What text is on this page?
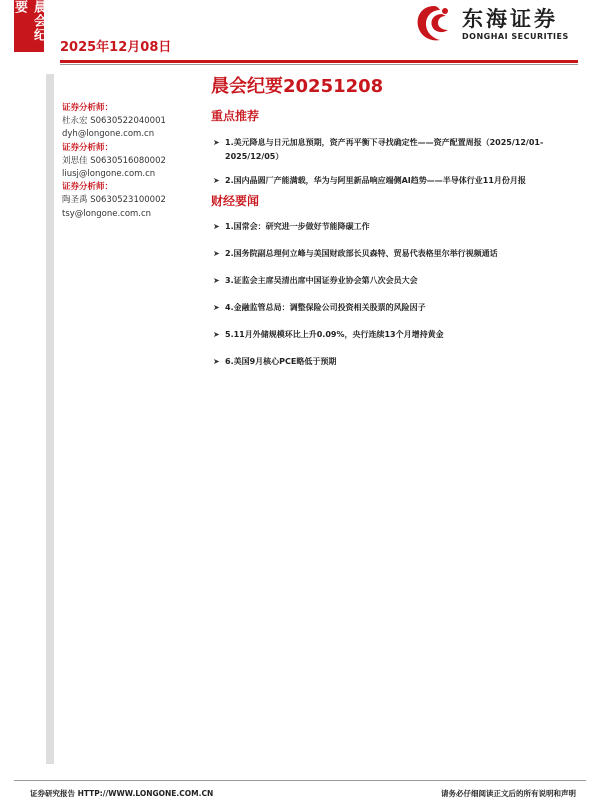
晨会纪要
2025年12月08日
东海证券
DONGHAI SECURITIES
晨会纪要20251208
证券分析师：
杜永宏 S0630522040001
dyh@longone.com.cn
证券分析师：
刘思佳 S0630516080002
liusj@longone.com.cn
证券分析师：
陶圣禹 S0630523100002
tsy@longone.com.cn
重点推荐
➤ 1.美元降息与日元加息预期，资产再平衡下寻找确定性——资产配置周报（2025/12/01-2025/12/05）
➤ 2.国内晶圆厂产能满载，华为与阿里新品响应端侧AI趋势——半导体行业11月份月报
财经要闻
➤ 1.国常会：研究进一步做好节能降碳工作
➤ 2.国务院副总理何立峰与美国财政部长贝森特、贸易代表格里尔举行视频通话
➤ 3.证监会主席吴清出席中国证券业协会第八次会员大会
➤ 4.金融监管总局：调整保险公司投资相关股票的风险因子
➤ 5.11月外储规模环比上升0.09%，央行连续13个月增持黄金
➤ 6.美国9月核心PCE略低于预期
证券研究报告 HTTP://WWW.LONGONE.COM.CN	请务必仔细阅读正文后的所有说明和声明
